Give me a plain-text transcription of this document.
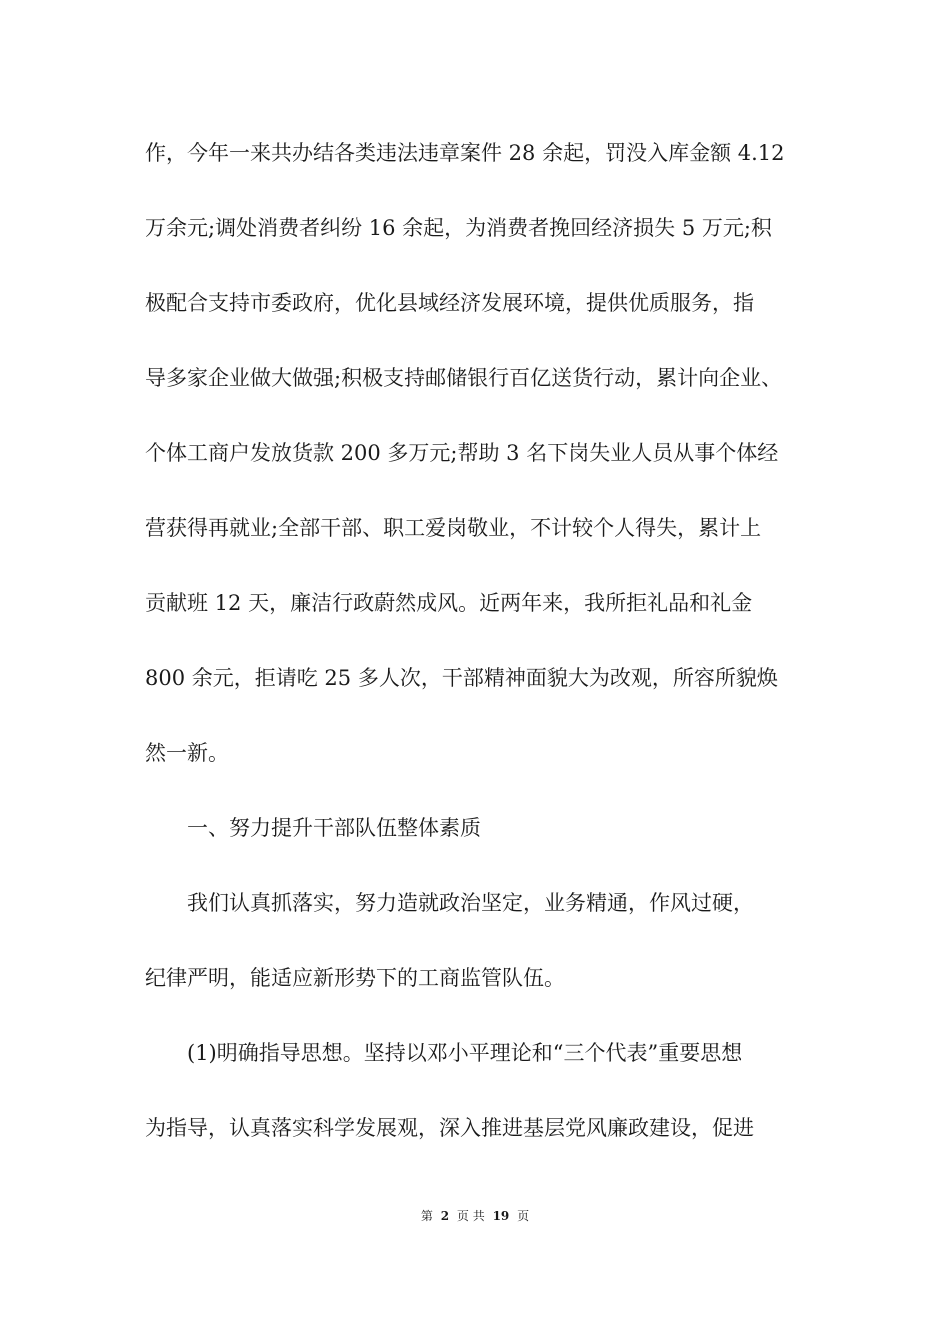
作，今年一来共办结各类违法违章案件 28 余起，罚没入库金额 4.12
万余元;调处消费者纠纷 16 余起，为消费者挽回经济损失 5 万元;积
极配合支持市委政府，优化县域经济发展环境，提供优质服务，指
导多家企业做大做强;积极支持邮储银行百亿送货行动，累计向企业、
个体工商户发放货款 200 多万元;帮助 3 名下岗失业人员从事个体经
营获得再就业;全部干部、职工爱岗敬业，不计较个人得失，累计上
贡献班 12 天，廉洁行政蔚然成风。近两年来，我所拒礼品和礼金
800 余元，拒请吃 25 多人次，干部精神面貌大为改观，所容所貌焕
然一新。
一、努力提升干部队伍整体素质
我们认真抓落实，努力造就政治坚定，业务精通，作风过硬，
纪律严明，能适应新形势下的工商监管队伍。
(1)明确指导思想。坚持以邓小平理论和“三个代表”重要思想
为指导，认真落实科学发展观，深入推进基层党风廉政建设，促进
第 2 页 共 19 页
